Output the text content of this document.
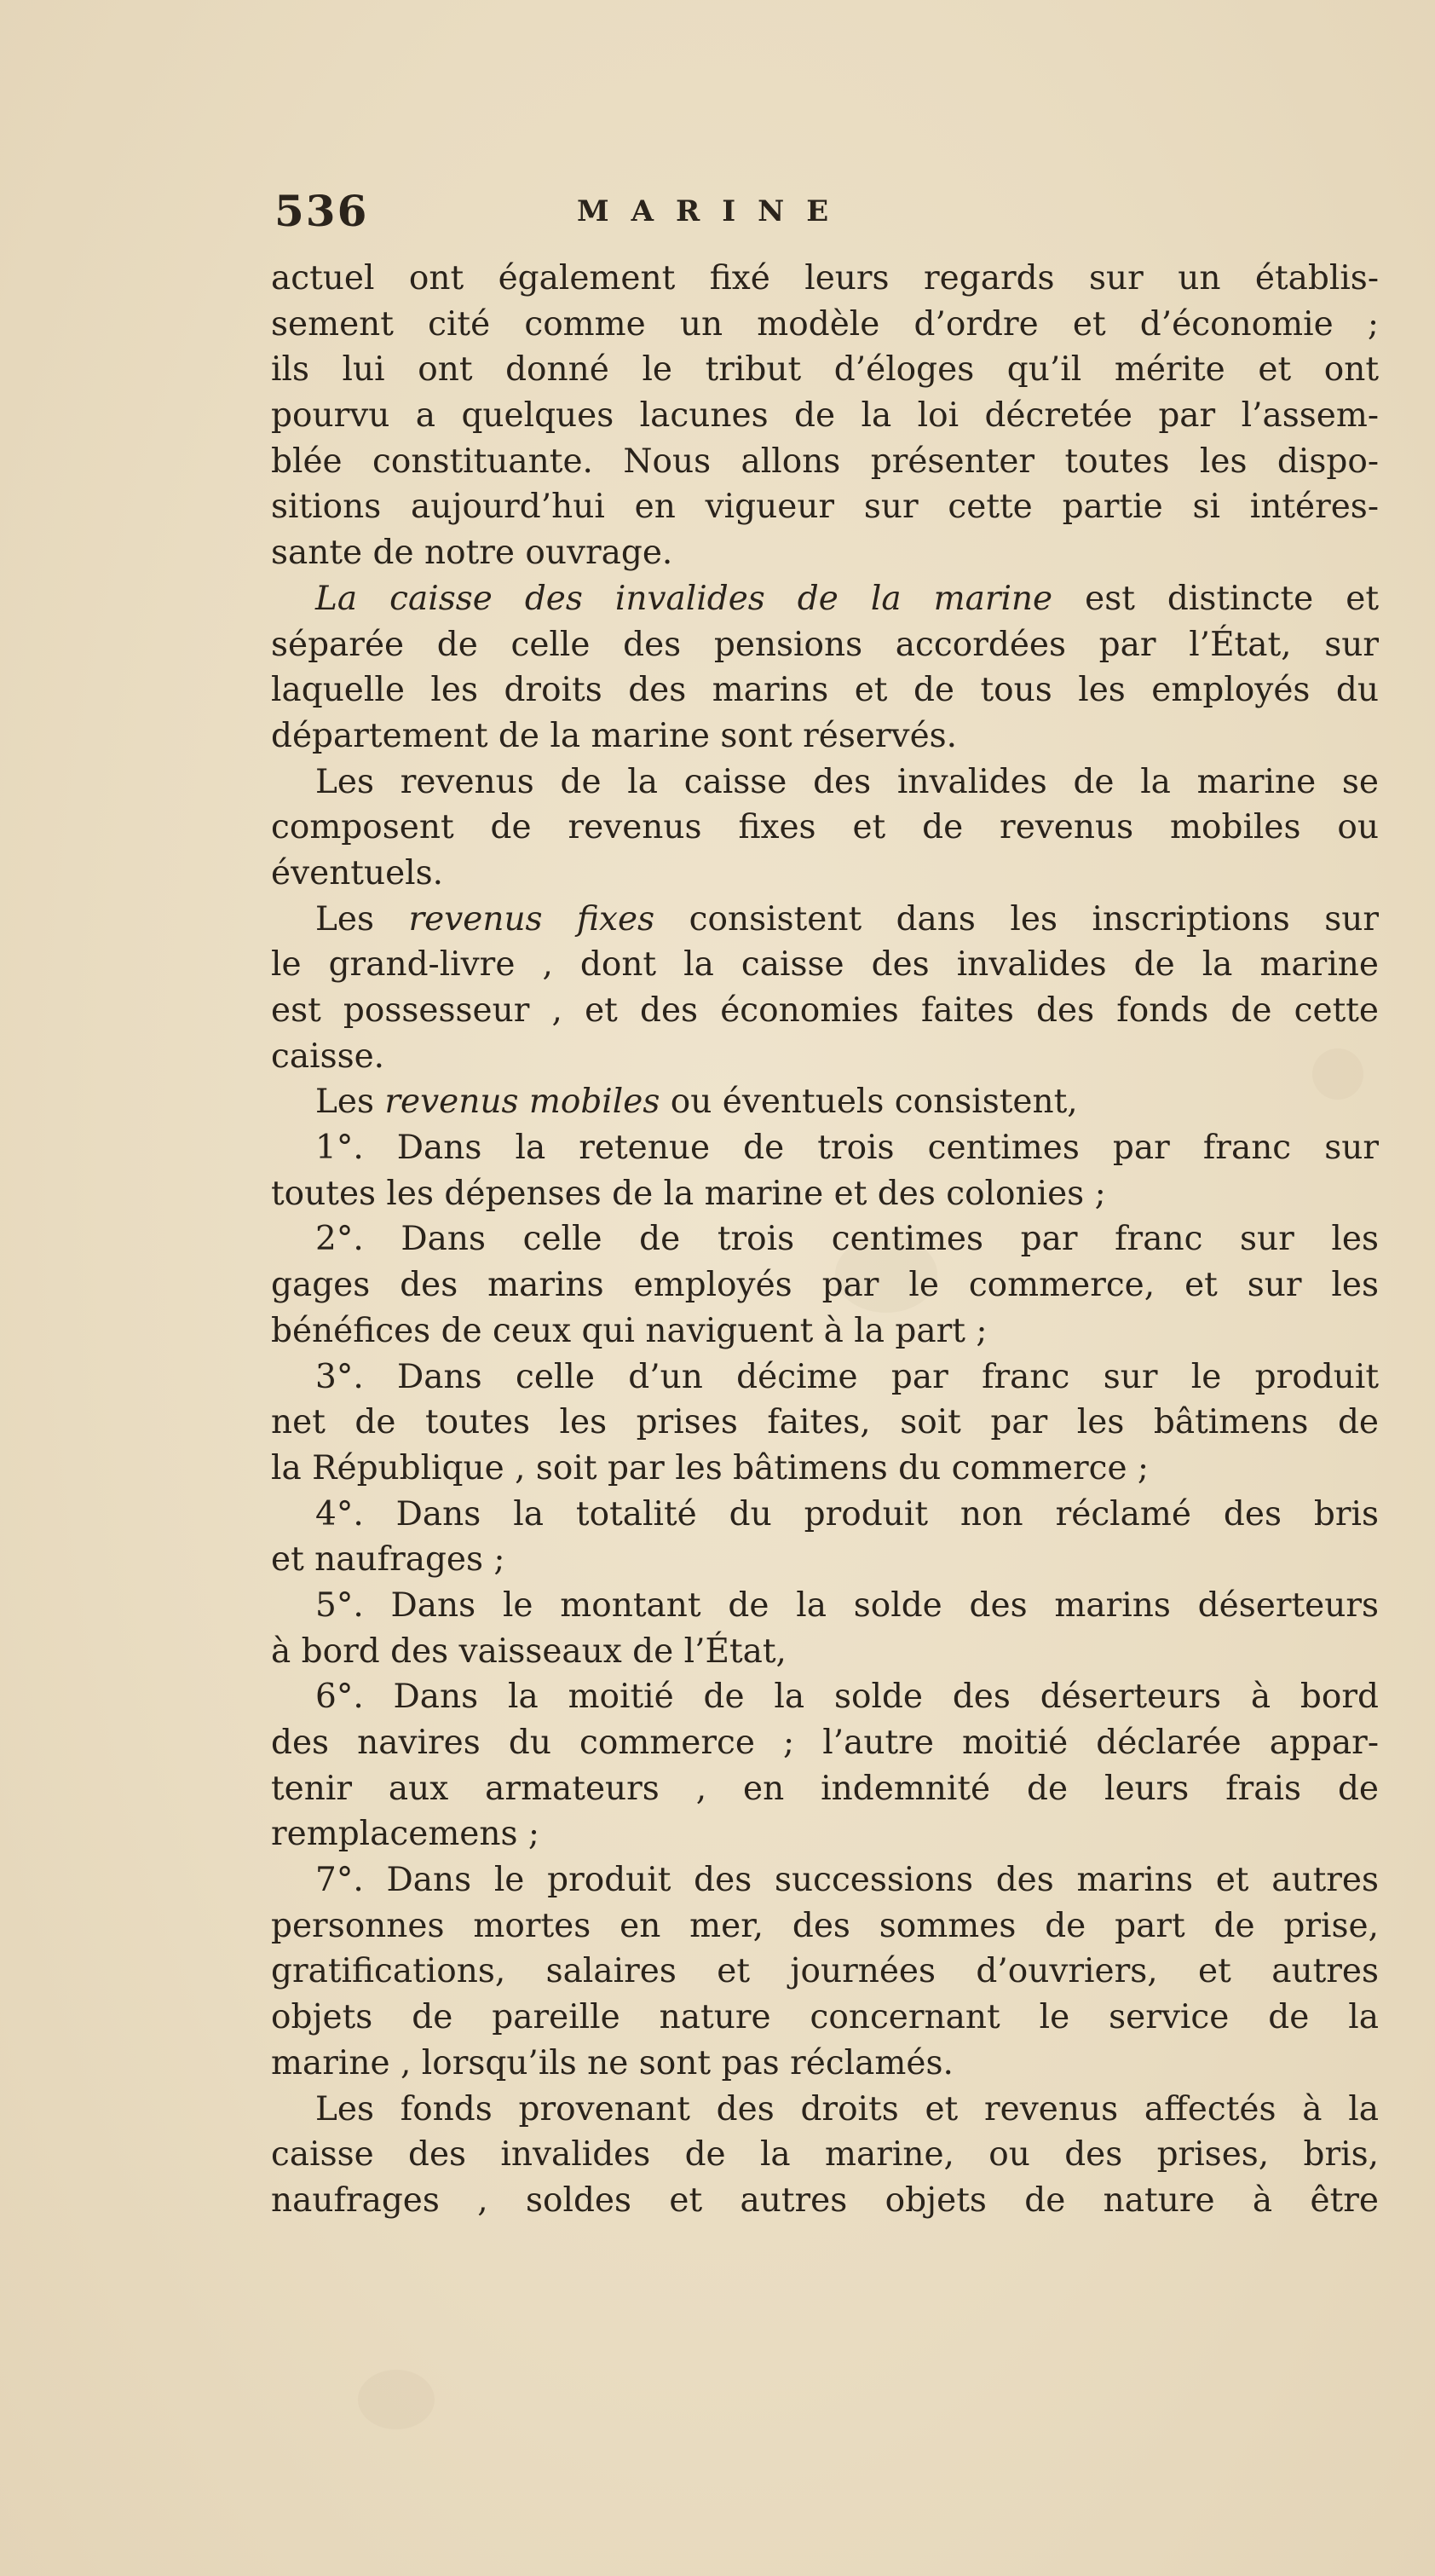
536	MARINE
actuel ont également fixé leurs regards sur un établis-
sement cité comme un modèle d’ordre et d’économie ;
ils lui ont donné le tribut d’éloges qu’il mérite et ont
pourvu a quelques lacunes de la loi décretée par l’assem-
blée constituante. Nous allons présenter toutes les dispo-
sitions aujourd’hui en vigueur sur cette partie si intéres-
sante de notre ouvrage.
La caisse des invalides de la marine est distincte et
séparée de celle des pensions accordées par l’État, sur
laquelle les droits des marins et de tous les employés du
département de la marine sont réservés.
Les revenus de la caisse des invalides de la marine se
composent de revenus fixes et de revenus mobiles ou
éventuels.
Les revenus fixes consistent dans les inscriptions sur
le grand-livre , dont la caisse des invalides de la marine
est possesseur , et des économies faites des fonds de cette
caisse.
Les revenus mobiles ou éventuels consistent,
1°. Dans la retenue de trois centimes par franc sur
toutes les dépenses de la marine et des colonies ;
2°. Dans celle de trois centimes par franc sur les
gages des marins employés par le commerce, et sur les
bénéfices de ceux qui naviguent à la part ;
3°. Dans celle d’un décime par franc sur le produit
net de toutes les prises faites, soit par les bâtimens de
la République , soit par les bâtimens du commerce ;
4°. Dans la totalité du produit non réclamé des bris
et naufrages ;
5°. Dans le montant de la solde des marins déserteurs
à bord des vaisseaux de l’État,
6°. Dans la moitié de la solde des déserteurs à bord
des navires du commerce ; l’autre moitié déclarée appar-
tenir aux armateurs , en indemnité de leurs frais de
remplacemens ;
7°. Dans le produit des successions des marins et autres
personnes mortes en mer, des sommes de part de prise,
gratifications, salaires et journées d’ouvriers, et autres
objets de pareille nature concernant le service de la
marine , lorsqu’ils ne sont pas réclamés.
Les fonds provenant des droits et revenus affectés à la
caisse des invalides de la marine, ou des prises, bris,
naufrages , soldes et autres objets de nature à être
